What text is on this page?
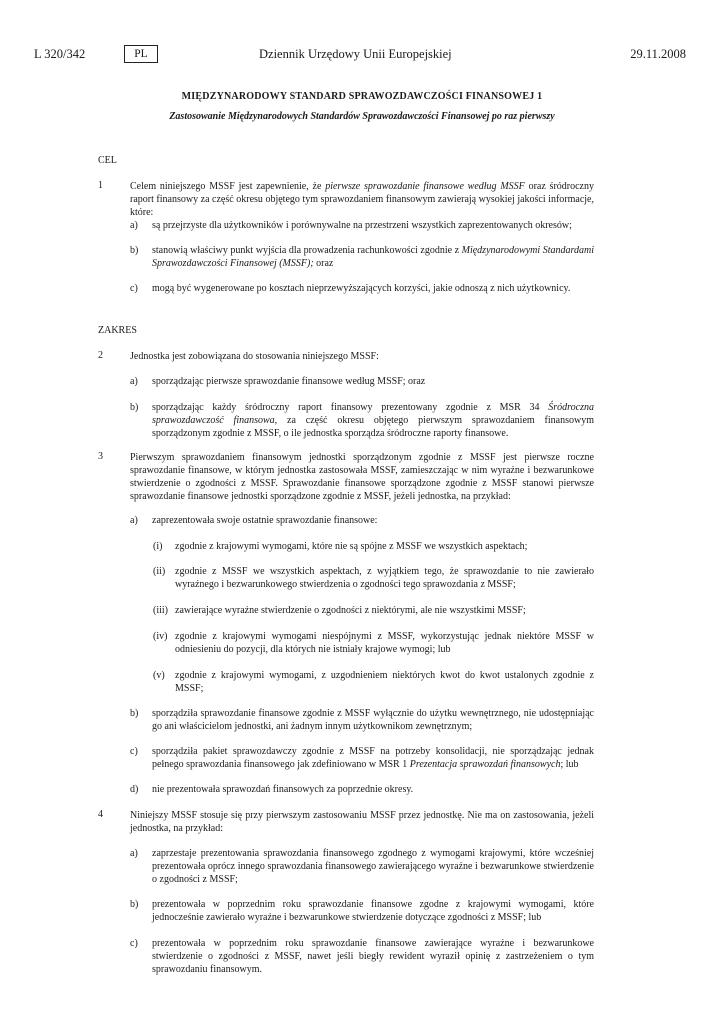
L 320/342	PL	Dziennik Urzędowy Unii Europejskiej	29.11.2008
MIĘDZYNARODOWY STANDARD SPRAWOZDAWCZOŚCI FINANSOWEJ 1
Zastosowanie Międzynarodowych Standardów Sprawozdawczości Finansowej po raz pierwszy
CEL
1	Celem niniejszego MSSF jest zapewnienie, że pierwsze sprawozdanie finansowe według MSSF oraz śródroczny raport finansowy za część okresu objętego tym sprawozdaniem finansowym zawierają wysokiej jakości informacje, które:
a) są przejrzyste dla użytkowników i porównywalne na przestrzeni wszystkich zaprezentowanych okresów;
b) stanowią właściwy punkt wyjścia dla prowadzenia rachunkowości zgodnie z Międzynarodowymi Standardami Sprawozdawczości Finansowej (MSSF); oraz
c) mogą być wygenerowane po kosztach nieprzewyższających korzyści, jakie odnoszą z nich użytkownicy.
ZAKRES
2	Jednostka jest zobowiązana do stosowania niniejszego MSSF:
a) sporządzając pierwsze sprawozdanie finansowe według MSSF; oraz
b) sporządzając każdy śródroczny raport finansowy prezentowany zgodnie z MSR 34 Śródroczna sprawozdawczość finansowa, za część okresu objętego pierwszym sprawozdaniem finansowym sporządzonym zgodnie z MSSF, o ile jednostka sporządza śródroczne raporty finansowe.
3	Pierwszym sprawozdaniem finansowym jednostki sporządzonym zgodnie z MSSF jest pierwsze roczne sprawozdanie finansowe, w którym jednostka zastosowała MSSF, zamieszczając w nim wyraźne i bezwarunkowe stwierdzenie o zgodności z MSSF. Sprawozdanie finansowe sporządzone zgodnie z MSSF stanowi pierwsze sprawozdanie finansowe jednostki sporządzone zgodnie z MSSF, jeżeli jednostka, na przykład:
a) zaprezentowała swoje ostatnie sprawozdanie finansowe:
(i) zgodnie z krajowymi wymogami, które nie są spójne z MSSF we wszystkich aspektach;
(ii) zgodnie z MSSF we wszystkich aspektach, z wyjątkiem tego, że sprawozdanie to nie zawierało wyraźnego i bezwarunkowego stwierdzenia o zgodności tego sprawozdania z MSSF;
(iii) zawierające wyraźne stwierdzenie o zgodności z niektórymi, ale nie wszystkimi MSSF;
(iv) zgodnie z krajowymi wymogami niespójnymi z MSSF, wykorzystując jednak niektóre MSSF w odniesieniu do pozycji, dla których nie istniały krajowe wymogi; lub
(v) zgodnie z krajowymi wymogami, z uzgodnieniem niektórych kwot do kwot ustalonych zgodnie z MSSF;
b) sporządziła sprawozdanie finansowe zgodnie z MSSF wyłącznie do użytku wewnętrznego, nie udostępniając go ani właścicielom jednostki, ani żadnym innym użytkownikom zewnętrznym;
c) sporządziła pakiet sprawozdawczy zgodnie z MSSF na potrzeby konsolidacji, nie sporządzając jednak pełnego sprawozdania finansowego jak zdefiniowano w MSR 1 Prezentacja sprawozdań finansowych; lub
d) nie prezentowała sprawozdań finansowych za poprzednie okresy.
4	Niniejszy MSSF stosuje się przy pierwszym zastosowaniu MSSF przez jednostkę. Nie ma on zastosowania, jeżeli jednostka, na przykład:
a) zaprzestaje prezentowania sprawozdania finansowego zgodnego z wymogami krajowymi, które wcześniej prezentowała oprócz innego sprawozdania finansowego zawierającego wyraźne i bezwarunkowe stwierdzenie o zgodności z MSSF;
b) prezentowała w poprzednim roku sprawozdanie finansowe zgodne z krajowymi wymogami, które jednocześnie zawierało wyraźne i bezwarunkowe stwierdzenie dotyczące zgodności z MSSF; lub
c) prezentowała w poprzednim roku sprawozdanie finansowe zawierające wyraźne i bezwarunkowe stwierdzenie o zgodności z MSSF, nawet jeśli biegły rewident wyraził opinię z zastrzeżeniem o tym sprawozdaniu finansowym.
